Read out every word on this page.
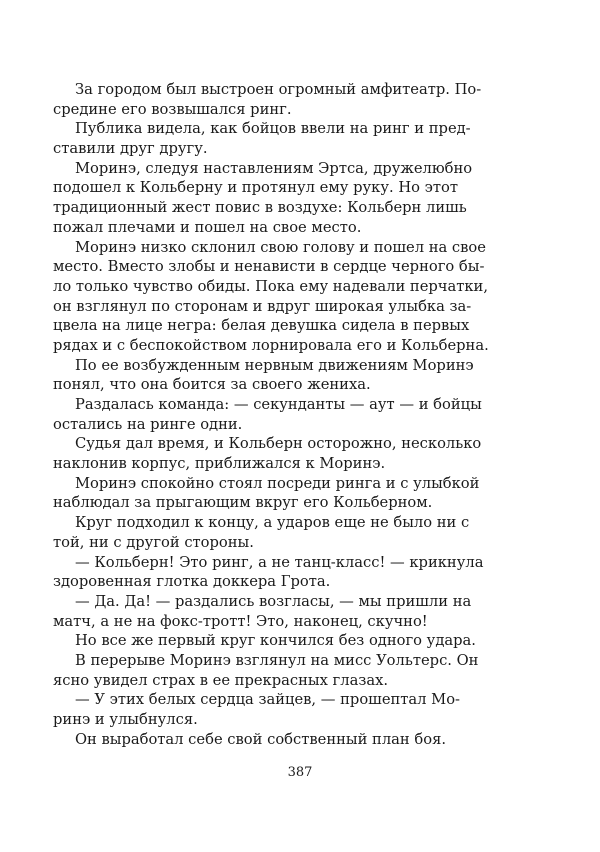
За городом был выстроен огромный амфитеатр. По-
средине его возвышался ринг.
Публика видела, как бойцов ввели на ринг и пред-
ставили друг другу.
Моринэ, следуя наставлениям Эртса, дружелюбно
подошел к Кольберну и протянул ему руку. Но этот
традиционный жест повис в воздухе: Кольберн лишь
пожал плечами и пошел на свое место.
Моринэ низко склонил свою голову и пошел на свое
место. Вместо злобы и ненависти в сердце черного бы-
ло только чувство обиды. Пока ему надевали перчатки,
он взглянул по сторонам и вдруг широкая улыбка за-
цвела на лице негра: белая девушка сидела в первых
рядах и с беспокойством лорнировала его и Кольберна.
По ее возбужденным нервным движениям Моринэ
понял, что она боится за своего жениха.
Раздалась команда: — секунданты — аут — и бойцы
остались на ринге одни.
Судья дал время, и Кольберн осторожно, несколько
наклонив корпус, приближался к Моринэ.
Моринэ спокойно стоял посреди ринга и с улыбкой
наблюдал за прыгающим вкруг его Кольберном.
Круг подходил к концу, а ударов еще не было ни с
той, ни с другой стороны.
— Кольберн! Это ринг, а не танц-класс! — крикнула
здоровенная глотка доккера Грота.
— Да. Да! — раздались возгласы, — мы пришли на
матч, а не на фокс-тротт! Это, наконец, скучно!
Но все же первый круг кончился без одного удара.
В перерыве Моринэ взглянул на мисс Уольтерс. Он
ясно увидел страх в ее прекрасных глазах.
— У этих белых сердца зайцев, — прошептал Мо-
ринэ и улыбнулся.
Он выработал себе свой собственный план боя.
387
